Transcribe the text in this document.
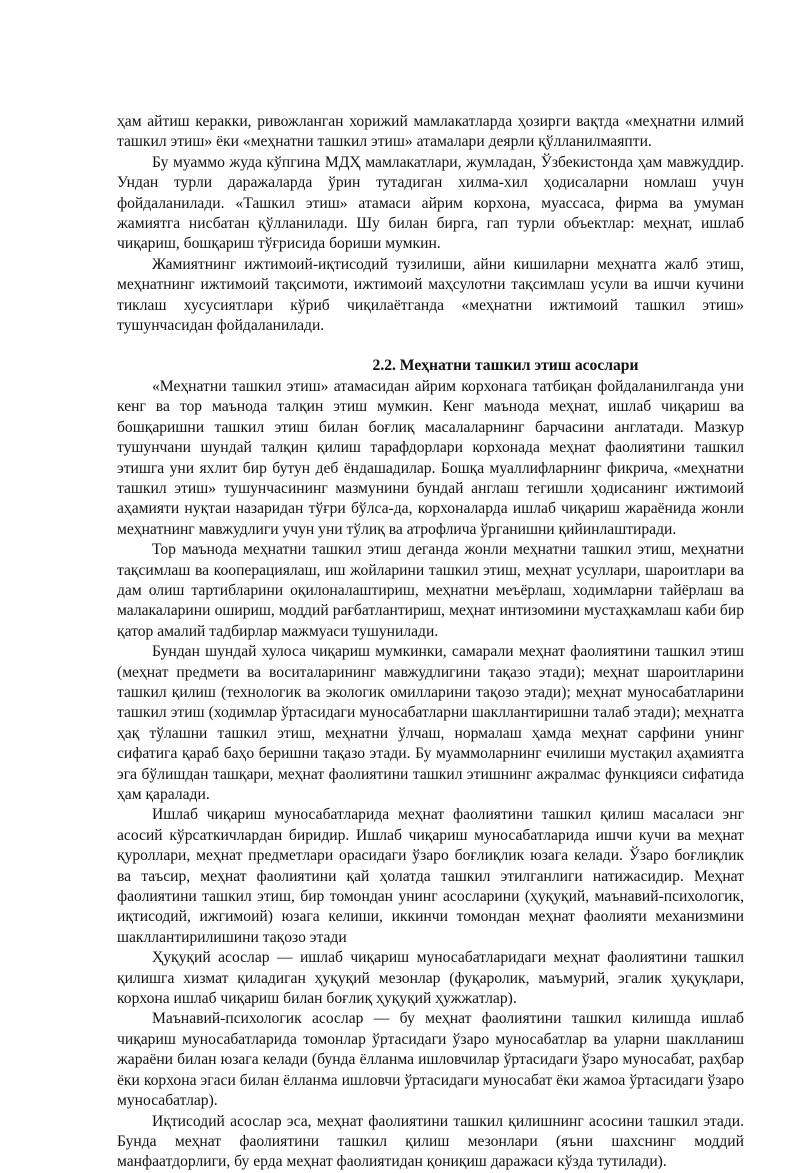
ҳам айтиш керакки, ривожланган хорижий мамлакатларда ҳозирги вақтда «меҳнатни илмий ташкил этиш» ёки «меҳнатни ташкил этиш» атамалари деярли қўлланилмаяпти.

Бу муаммо жуда кўпгина МДҲ мамлакатлари, жумладан, Ўзбекистонда ҳам мавжуддир. Ундан турли даражаларда ўрин тутадиган хилма-хил ҳодисаларни номлаш учун фойдаланилади. «Ташкил этиш» атамаси айрим корхона, муассаса, фирма ва умуман жамиятга нисбатан қўлланилади. Шу билан бирга, гап турли объектлар: меҳнат, ишлаб чиқариш, бошқариш тўғрисида бориши мумкин.

Жамиятнинг ижтимоий-иқтисодий тузилиши, айни кишиларни меҳнатга жалб этиш, меҳнатнинг ижтимоий тақсимоти, ижтимоий маҳсулотни тақсимлаш усули ва ишчи кучини тиклаш хусусиятлари кўриб чиқилаётганда «меҳнатни ижтимоий ташкил этиш» тушунчасидан фойдаланилади.

2.2. Меҳнатни ташкил этиш асослари

«Меҳнатни ташкил этиш» атамасидан айрим корхонага татбиқан фойдаланилганда уни кенг ва тор маънода талқин этиш мумкин. Кенг маънода меҳнат, ишлаб чиқариш ва бошқаришни ташкил этиш билан боғлиқ масалаларнинг барчасини англатади. Мазкур тушунчани шундай талқин қилиш тарафдорлари корхонада меҳнат фаолиятини ташкил этишга уни яхлит бир бутун деб ёндашадилар. Бошқа муаллифларнинг фикрича, «меҳнатни ташкил этиш» тушунчасининг мазмунини бундай англаш тегишли ҳодисанинг ижтимоий аҳамияти нуқтаи назаридан тўғри бўлса-да, корхоналарда ишлаб чиқариш жараёнида жонли меҳнатнинг мавжудлиги учун уни тўлиқ ва атрофлича ўрганишни қийинлаштиради.

Тор маънода меҳнатни ташкил этиш деганда жонли меҳнатни ташкил этиш, меҳнатни тақсимлаш ва кооперациялаш, иш жойларини ташкил этиш, меҳнат усуллари, шароитлари ва дам олиш тартибларини оқилоналаштириш, меҳнатни меъёрлаш, ходимларни тайёрлаш ва малакаларини ошириш, моддий рағбатлантириш, меҳнат интизомини мустаҳкамлаш каби бир қатор амалий тадбирлар мажмуаси тушунилади.

Бундан шундай хулоса чиқариш мумкинки, самарали меҳнат фаолиятини ташкил этиш (меҳнат предмети ва воситаларининг мавжудлигини тақазо этади); меҳнат шароитларини ташкил қилиш (технологик ва экологик омилларини тақозо этади); меҳнат муносабатларини ташкил этиш (ходимлар ўртасидаги муносабатларни шакллантиришни талаб этади); меҳнатга ҳақ тўлашни ташкил этиш, меҳнатни ўлчаш, нормалаш ҳамда меҳнат сарфини унинг сифатига қараб баҳо беришни тақазо этади. Бу муаммоларнинг ечилиши мустақил аҳамиятга эга бўлишдан ташқари, меҳнат фаолиятини ташкил этишнинг ажралмас функцияси сифатида ҳам қаралади.

Ишлаб чиқариш муносабатларида меҳнат фаолиятини ташкил қилиш масаласи энг асосий кўрсаткичлардан биридир. Ишлаб чиқариш муносабатларида ишчи кучи ва меҳнат қуроллари, меҳнат предметлари орасидаги ўзаро боғлиқлик юзага келади. Ўзаро боғлиқлик ва таъсир, меҳнат фаолиятини қай ҳолатда ташкил этилганлиги натижасидир. Меҳнат фаолиятини ташкил этиш, бир томондан унинг асосларини (ҳуқуқий, маънавий-психологик, иқтисодий, ижгимоий) юзага келиши, иккинчи томондан меҳнат фаолияти механизмини шакллантирилишини тақозо этади

Ҳуқуқий асослар — ишлаб чиқариш муносабатларидаги меҳнат фаолиятини ташкил қилишга хизмат қиладиган ҳуқуқий мезонлар (фуқаролик, маъмурий, эгалик ҳуқуқлари, корхона ишлаб чиқариш билан боғлиқ ҳуқуқий ҳужжатлар).

Маънавий-психологик асослар — бу меҳнат фаолиятини ташкил килишда ишлаб чиқариш муносабатларида томонлар ўртасидаги ўзаро муносабатлар ва уларни шаклланиш жараёни билан юзага келади (бунда ёлланма ишловчилар ўртасидаги ўзаро муносабат, раҳбар ёки корхона эгаси билан ёлланма ишловчи ўртасидаги муносабат ёки жамоа ўртасидаги ўзаро муносабатлар).

Иқтисодий асослар эса, меҳнат фаолиятини ташкил қилишнинг асосини ташкил этади. Бунда меҳнат фаолиятини ташкил қилиш мезонлари (яъни шахснинг моддий манфаатдорлиги, бу ерда меҳнат фаолиятидан қониқиш даражаси кўзда тутилади).
